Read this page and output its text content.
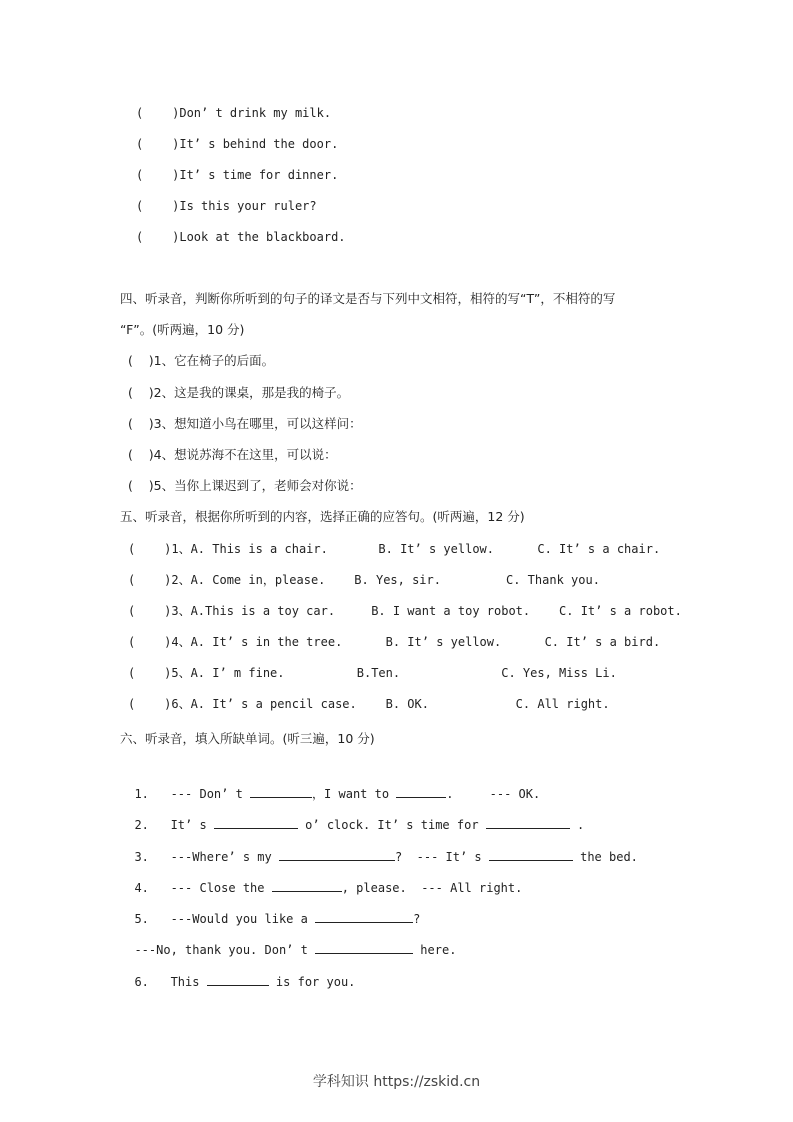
(    )Don’ t drink my milk.
(    )It’ s behind the door.
(    )It’ s time for dinner.
(    )Is this your ruler?
(    )Look at the blackboard.
四、听录音，判断你所听到的句子的译文是否与下列中文相符，相符的写“T”，不相符的写
“F”。(听两遍，10 分)
(    )1、它在椅子的后面。
(    )2、这是我的课桌，那是我的椅子。
(    )3、想知道小鸟在哪里，可以这样问：
(    )4、想说苏海不在这里，可以说：
(    )5、当你上课迟到了，老师会对你说：
五、听录音，根据你所听到的内容，选择正确的应答句。(听两遍，12 分)
(    )1、A. This is a chair.       B. It’ s yellow.      C. It’ s a chair.
(    )2、A. Come in，please.    B. Yes, sir.         C. Thank you.
(    )3、A.This is a toy car.     B. I want a toy robot.    C. It’ s a robot.
(    )4、A. It’ s in the tree.      B. It’ s yellow.      C. It’ s a bird.
(    )5、A. I’ m fine.          B.Ten.              C. Yes, Miss Li.
(    )6、A. It’ s a pencil case.    B. OK.            C. All right.
六、听录音，填入所缺单词。(听三遍，10 分)

1.   --- Don’ t	，I want to	.     --- OK.

2.   It’ s	o’ clock. It’ s time for	.

3.   ---Where’ s my	?  --- It’ s	the bed.

4.   --- Close the	, please.  --- All right.

5.   ---Would you like a	?

---No, thank you. Don’ t	here.

6.   This	is for you.

学科知识 https://zskid.cn
